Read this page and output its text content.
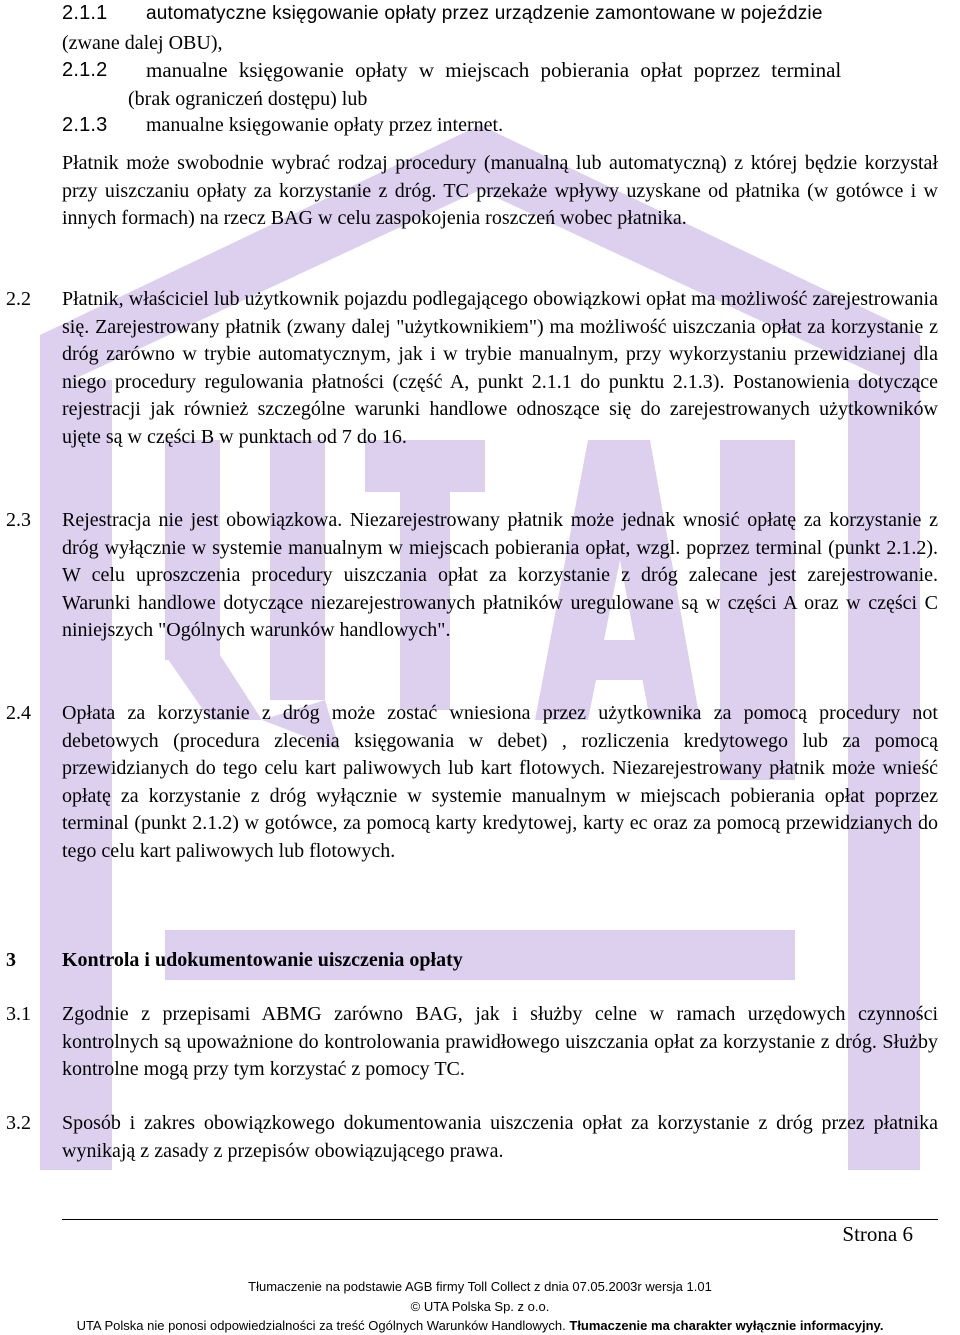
2.1.1 automatyczne księgowanie opłaty przez urządzenie zamontowane w pojeździe
(zwane dalej OBU),
2.1.2 manualne księgowanie opłaty w miejscach pobierania opłat poprzez terminal
(brak ograniczeń dostępu) lub
2.1.3 manualne księgowanie opłaty przez internet.
Płatnik może swobodnie wybrać rodzaj procedury (manualną lub automatyczną) z której będzie korzystał przy uiszczaniu opłaty za korzystanie z dróg. TC przekaże wpływy uzyskane od płatnika (w gotówce i w innych formach) na rzecz BAG w celu zaspokojenia roszczeń wobec płatnika.
2.2 Płatnik, właściciel lub użytkownik pojazdu podlegającego obowiązkowi opłat ma możliwość zarejestrowania się. Zarejestrowany płatnik (zwany dalej "użytkownikiem") ma możliwość uiszczania opłat za korzystanie z dróg zarówno w trybie automatycznym, jak i w trybie manualnym, przy wykorzystaniu przewidzianej dla niego procedury regulowania płatności (część A, punkt 2.1.1 do punktu 2.1.3). Postanowienia dotyczące rejestracji jak również szczególne warunki handlowe odnoszące się do zarejestrowanych użytkowników ujęte są w części B w punktach od 7 do 16.
2.3 Rejestracja nie jest obowiązkowa. Niezarejestrowany płatnik może jednak wnosić opłatę za korzystanie z dróg wyłącznie w systemie manualnym w miejscach pobierania opłat, wzgl. poprzez terminal (punkt 2.1.2). W celu uproszczenia procedury uiszczania opłat za korzystanie z dróg zalecane jest zarejestrowanie. Warunki handlowe dotyczące niezarejestrowanych płatników uregulowane są w części A oraz w części C niniejszych "Ogólnych warunków handlowych".
2.4 Opłata za korzystanie z dróg może zostać wniesiona przez użytkownika za pomocą procedury not debetowych (procedura zlecenia księgowania w debet) , rozliczenia kredytowego lub za pomocą przewidzianych do tego celu kart paliwowych lub kart flotowych. Niezarejestrowany płatnik może wnieść opłatę za korzystanie z dróg wyłącznie w systemie manualnym w miejscach pobierania opłat poprzez terminal (punkt 2.1.2) w gotówce, za pomocą karty kredytowej, karty ec oraz za pomocą przewidzianych do tego celu kart paliwowych lub flotowych.
3 Kontrola i udokumentowanie uiszczenia opłaty
3.1 Zgodnie z przepisami ABMG zarówno BAG, jak i służby celne w ramach urzędowych czynności kontrolnych są upoważnione do kontrolowania prawidłowego uiszczania opłat za korzystanie z dróg. Służby kontrolne mogą przy tym korzystać z pomocy TC.
3.2 Sposób i zakres obowiązkowego dokumentowania uiszczenia opłat za korzystanie z dróg przez płatnika wynikają z zasady z przepisów obowiązującego prawa.
Strona 6
Tłumaczenie na podstawie AGB firmy Toll Collect z dnia 07.05.2003r wersja 1.01
© UTA Polska Sp. z o.o.
UTA Polska nie ponosi odpowiedzialności za treść Ogólnych Warunków Handlowych. Tłumaczenie ma charakter wyłącznie informacyjny.
